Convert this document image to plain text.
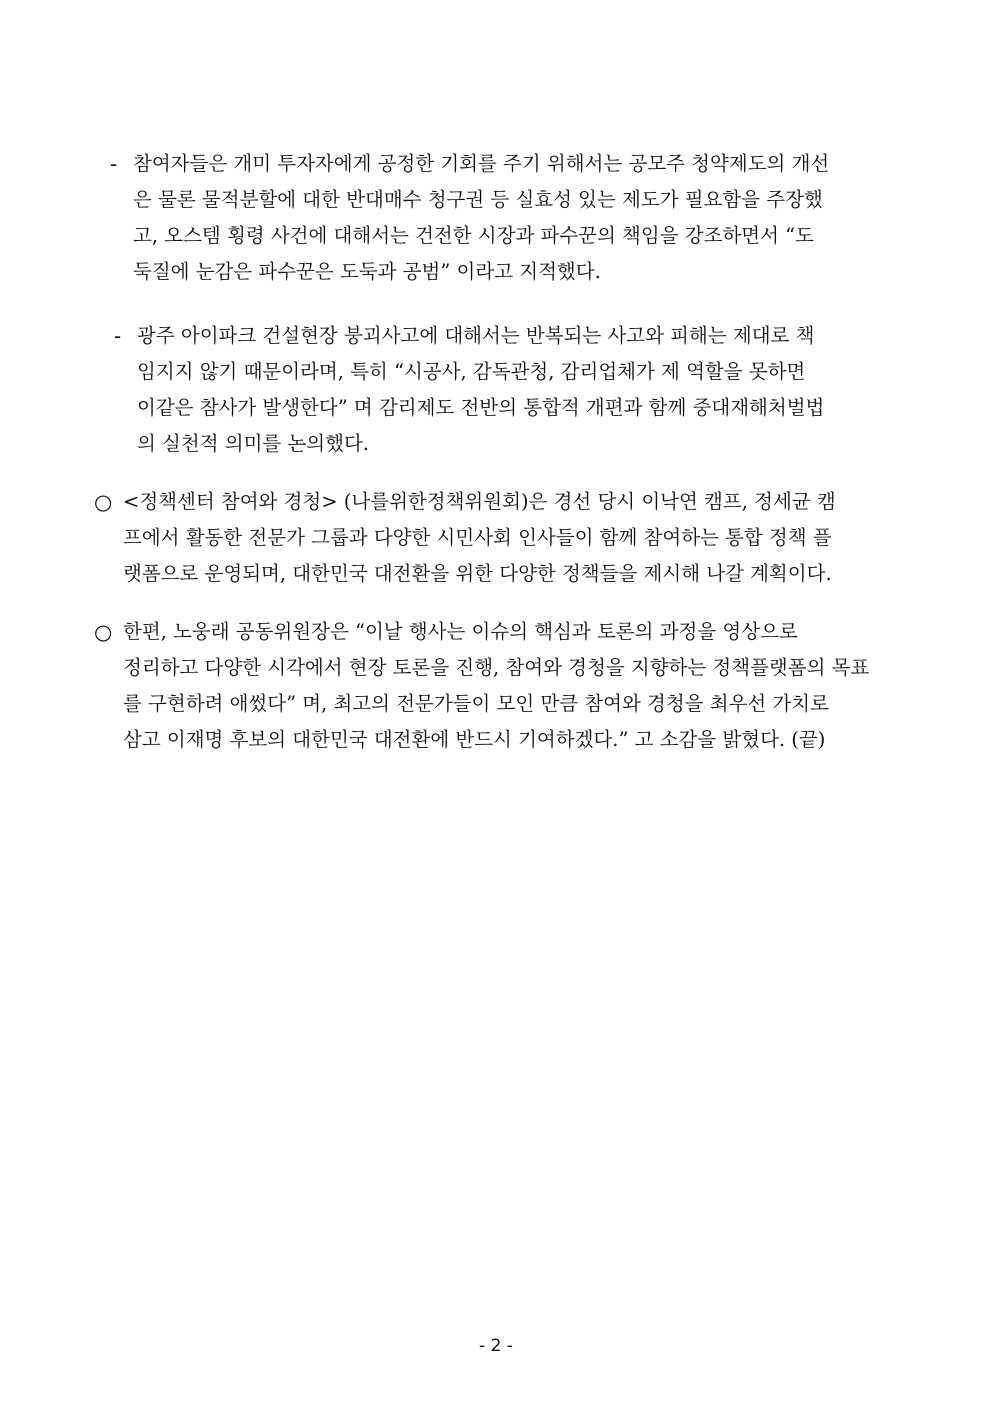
- 참여자들은 개미 투자자에게 공정한 기회를 주기 위해서는 공모주 청약제도의 개선
은 물론 물적분할에 대한 반대매수 청구권 등 실효성 있는 제도가 필요함을 주장했
고, 오스템 횡령 사건에 대해서는 건전한 시장과 파수꾼의 책임을 강조하면서 “도
둑질에 눈감은 파수꾼은 도둑과 공범” 이라고 지적했다.
- 광주 아이파크 건설현장 붕괴사고에 대해서는 반복되는 사고와 피해는 제대로 책
임지지 않기 때문이라며, 특히 “시공사, 감독관청, 감리업체가 제 역할을 못하면
이같은 참사가 발생한다” 며 감리제도 전반의 통합적 개편과 함께 중대재해처벌법
의 실천적 의미를 논의했다.
○ <정책센터 참여와 경청> (나를위한정책위원회)은 경선 당시 이낙연 캠프, 정세균 캠
프에서 활동한 전문가 그룹과 다양한 시민사회 인사들이 함께 참여하는 통합 정책 플
랫폼으로 운영되며, 대한민국 대전환을 위한 다양한 정책들을 제시해 나갈 계획이다.
○ 한편, 노웅래 공동위원장은 “이날 행사는 이슈의 핵심과 토론의 과정을 영상으로
정리하고 다양한 시각에서 현장 토론을 진행, 참여와 경청을 지향하는 정책플랫폼의 목표
를 구현하려 애썼다” 며, 최고의 전문가들이 모인 만큼 참여와 경청을 최우선 가치로
삼고 이재명 후보의 대한민국 대전환에 반드시 기여하겠다.” 고 소감을 밝혔다. (끝)
- 2 -
